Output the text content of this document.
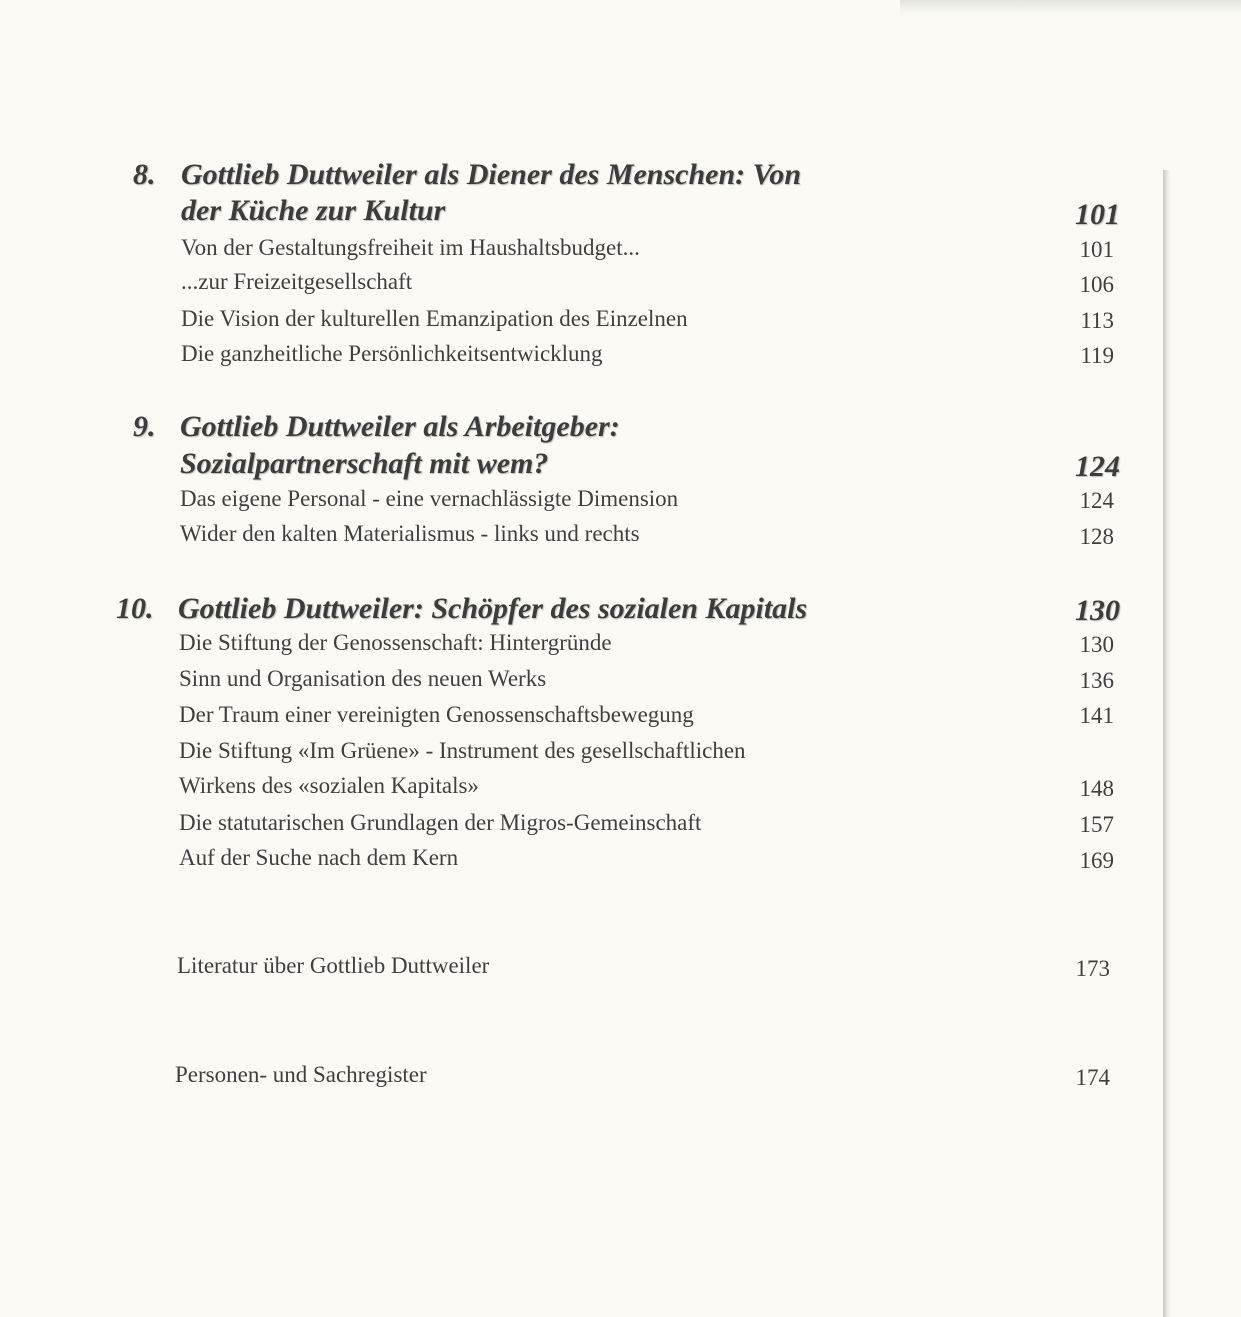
8. Gottlieb Duttweiler als Diener des Menschen: Von
der Küche zur Kultur	101
Von der Gestaltungsfreiheit im Haushaltsbudget...	101
...zur Freizeitgesellschaft	106
Die Vision der kulturellen Emanzipation des Einzelnen	113
Die ganzheitliche Persönlichkeitsentwicklung	119
9. Gottlieb Duttweiler als Arbeitgeber:
Sozialpartnerschaft mit wem?	124
Das eigene Personal - eine vernachlässigte Dimension	124
Wider den kalten Materialismus - links und rechts	128
10. Gottlieb Duttweiler: Schöpfer des sozialen Kapitals	130
Die Stiftung der Genossenschaft: Hintergründe	130
Sinn und Organisation des neuen Werks	136
Der Traum einer vereinigten Genossenschaftsbewegung	141
Die Stiftung «Im Grüene» - Instrument des gesellschaftlichen
Wirkens des «sozialen Kapitals»	148
Die statutarischen Grundlagen der Migros-Gemeinschaft	157
Auf der Suche nach dem Kern	169
Literatur über Gottlieb Duttweiler	173
Personen- und Sachregister	174
